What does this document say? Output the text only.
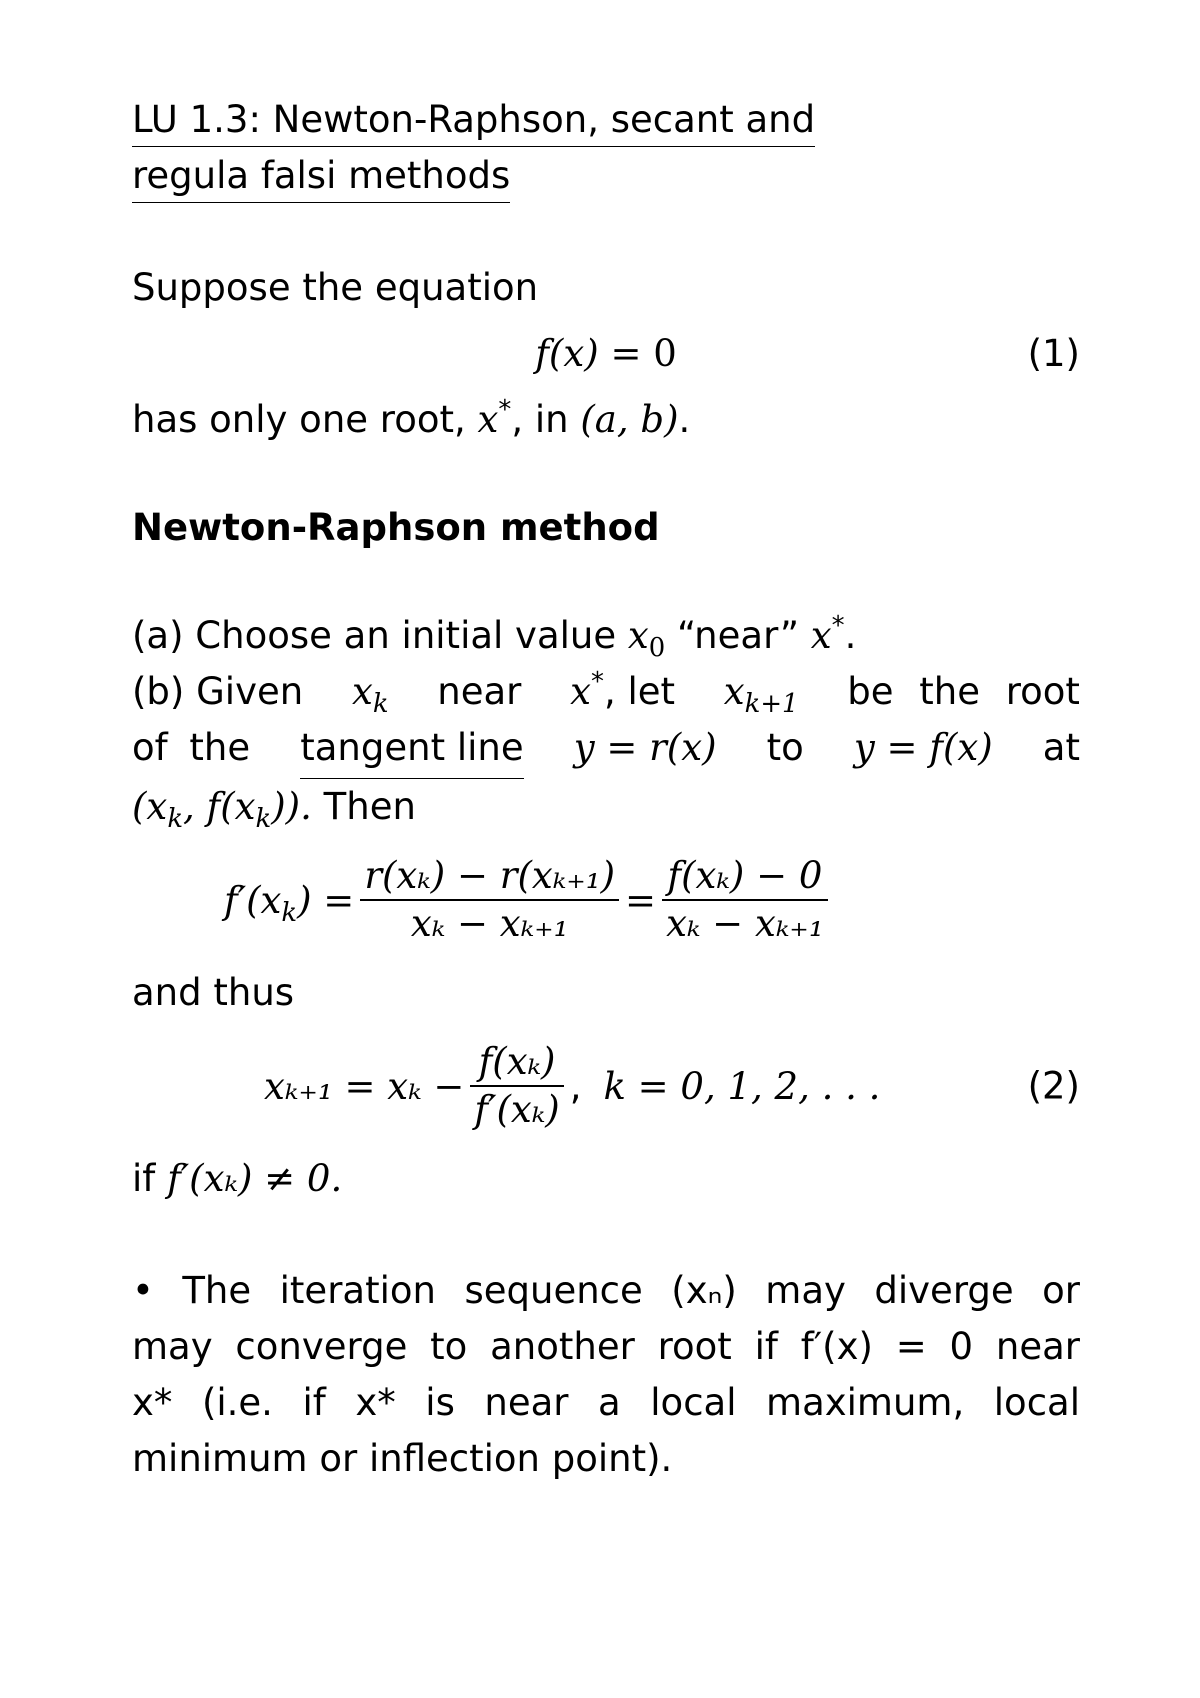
LU 1.3: Newton-Raphson, secant and
regula falsi methods
Suppose the equation
f(x) = 0	(1)
has only one root, x*, in (a, b).
Newton-Raphson method
(a) Choose an initial value $x_0$ “near” x*.
(b) Given $x_k$ near x*, let $x_{k+1}$ be the root
of the tangent line y = r(x) to y = f(x) at
($x_k$, $f(x_k)$). Then
$f'(x_k) = \frac{\text{r(xₖ) − r(xₖ₊₁)}}{\text{xₖ − xₖ₊₁}} = \frac{\text{f(xₖ) − 0}}{\text{xₖ − xₖ₊₁}}$
and thus
$x_{k+1} = x_k - \frac{\text{f(xₖ)}}{\text{f′(xₖ)}}$ , k = 0, 1, 2, . . .	(2)
if f′(xₖ) ≠ 0.
• The iteration sequence (xₙ) may diverge or
may converge to another root if f′(x) = 0 near
x* (i.e. if x* is near a local maximum, local
minimum or inflection point).
